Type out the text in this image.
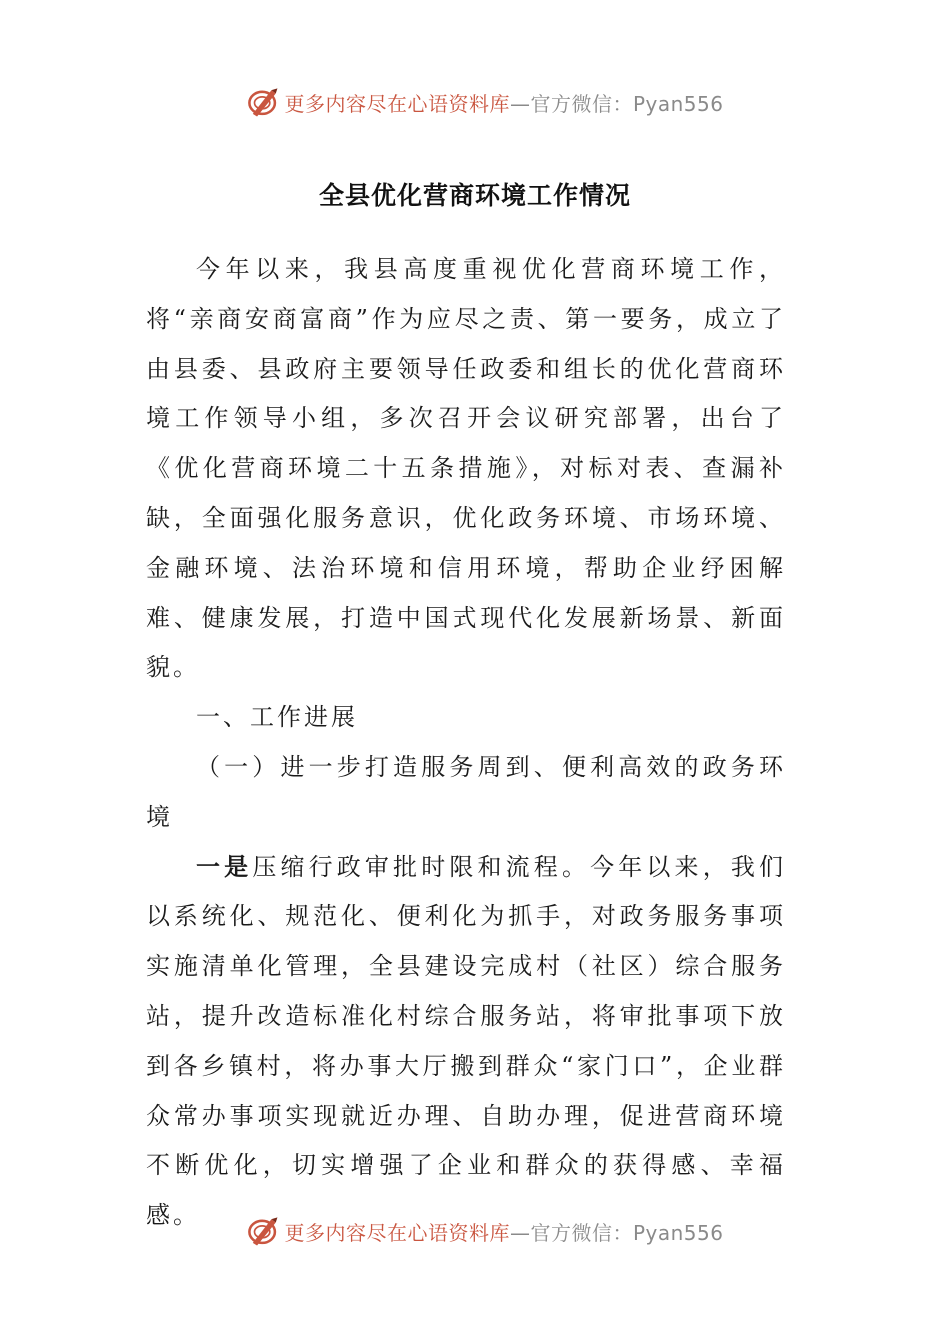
更多内容尽在心语资料库—官方微信：Pyan556
全县优化营商环境工作情况

今年以来，我县高度重视优化营商环境工作，将“亲商安商富商”作为应尽之责、第一要务，成立了由县委、县政府主要领导任政委和组长的优化营商环境工作领导小组，多次召开会议研究部署，出台了《优化营商环境二十五条措施》，对标对表、查漏补缺，全面强化服务意识，优化政务环境、市场环境、金融环境、法治环境和信用环境，帮助企业纾困解难、健康发展，打造中国式现代化发展新场景、新面貌。

一、工作进展

（一）进一步打造服务周到、便利高效的政务环境

一是压缩行政审批时限和流程。今年以来，我们以系统化、规范化、便利化为抓手，对政务服务事项实施清单化管理，全县建设完成村（社区）综合服务站，提升改造标准化村综合服务站，将审批事项下放到各乡镇村，将办事大厅搬到群众“家门口”，企业群众常办事项实现就近办理、自助办理，促进营商环境不断优化，切实增强了企业和群众的获得感、幸福感。

更多内容尽在心语资料库—官方微信：Pyan556
